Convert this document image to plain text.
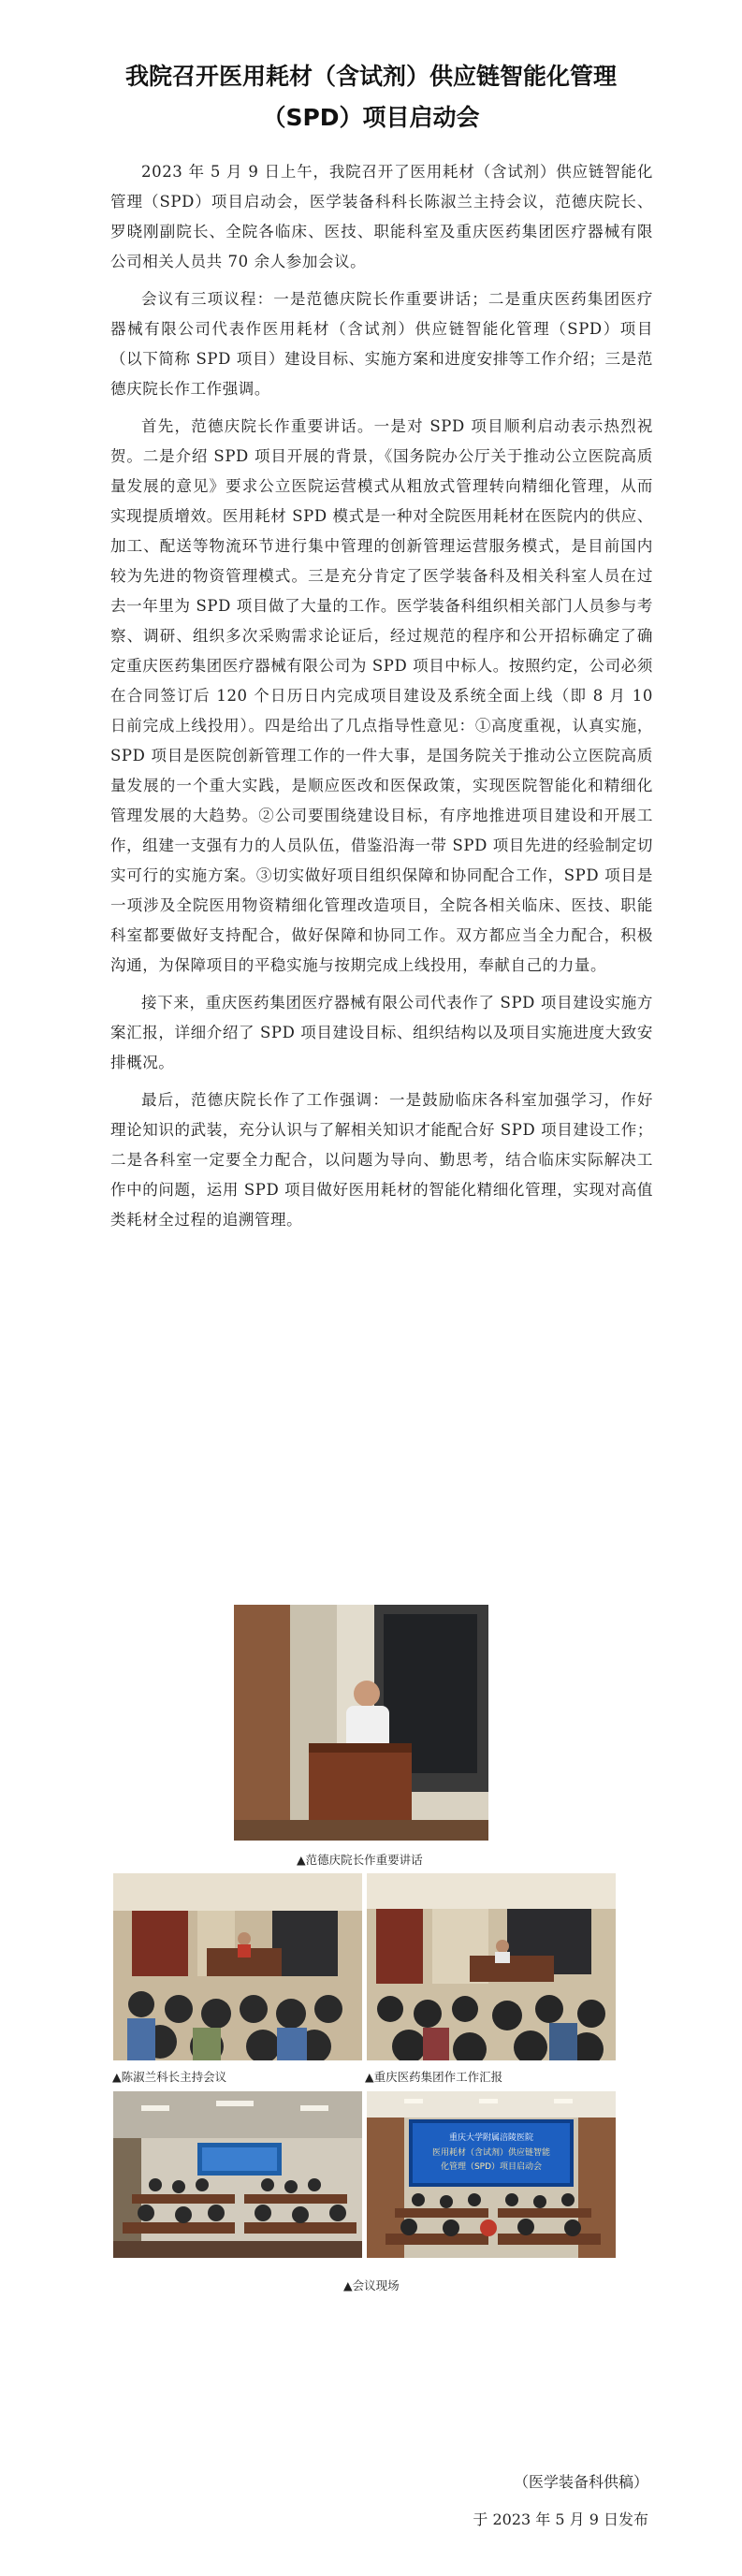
我院召开医用耗材（含试剂）供应链智能化管理
（SPD）项目启动会

2023 年 5 月 9 日上午，我院召开了医用耗材（含试剂）供应链智能化管理（SPD）项目启动会，医学装备科科长陈淑兰主持会议，范德庆院长、罗晓刚副院长、全院各临床、医技、职能科室及重庆医药集团医疗器械有限公司相关人员共 70 余人参加会议。

会议有三项议程：一是范德庆院长作重要讲话；二是重庆医药集团医疗器械有限公司代表作医用耗材（含试剂）供应链智能化管理（SPD）项目（以下简称 SPD 项目）建设目标、实施方案和进度安排等工作介绍；三是范德庆院长作工作强调。

首先，范德庆院长作重要讲话。一是对 SPD 项目顺利启动表示热烈祝贺。二是介绍 SPD 项目开展的背景，《国务院办公厅关于推动公立医院高质量发展的意见》要求公立医院运营模式从粗放式管理转向精细化管理，从而实现提质增效。医用耗材 SPD 模式是一种对全院医用耗材在医院内的供应、加工、配送等物流环节进行集中管理的创新管理运营服务模式，是目前国内较为先进的物资管理模式。三是充分肯定了医学装备科及相关科室人员在过去一年里为 SPD 项目做了大量的工作。医学装备科组织相关部门人员参与考察、调研、组织多次采购需求论证后，经过规范的程序和公开招标确定了确定重庆医药集团医疗器械有限公司为 SPD 项目中标人。按照约定，公司必须在合同签订后 120 个日历日内完成项目建设及系统全面上线（即 8 月 10 日前完成上线投用）。四是给出了几点指导性意见：①高度重视，认真实施，SPD 项目是医院创新管理工作的一件大事，是国务院关于推动公立医院高质量发展的一个重大实践，是顺应医改和医保政策，实现医院智能化和精细化管理发展的大趋势。②公司要围绕建设目标，有序地推进项目建设和开展工作，组建一支强有力的人员队伍，借鉴沿海一带 SPD 项目先进的经验制定切实可行的实施方案。③切实做好项目组织保障和协同配合工作，SPD 项目是一项涉及全院医用物资精细化管理改造项目，全院各相关临床、医技、职能科室都要做好支持配合，做好保障和协同工作。双方都应当全力配合，积极沟通，为保障项目的平稳实施与按期完成上线投用，奉献自己的力量。

接下来，重庆医药集团医疗器械有限公司代表作了 SPD 项目建设实施方案汇报，详细介绍了 SPD 项目建设目标、组织结构以及项目实施进度大致安排概况。

最后，范德庆院长作了工作强调：一是鼓励临床各科室加强学习，作好理论知识的武装，充分认识与了解相关知识才能配合好 SPD 项目建设工作；二是各科室一定要全力配合，以问题为导向、勤思考，结合临床实际解决工作中的问题，运用 SPD 项目做好医用耗材的智能化精细化管理，实现对高值类耗材全过程的追溯管理。

▲范德庆院长作重要讲话
▲陈淑兰科长主持会议	▲重庆医药集团作工作汇报
重庆大学附属涪陵医院
医用耗材（含试剂）供应链智能
化管理（SPD）项目启动会
▲会议现场
（医学装备科供稿）
于 2023 年 5 月 9 日发布
